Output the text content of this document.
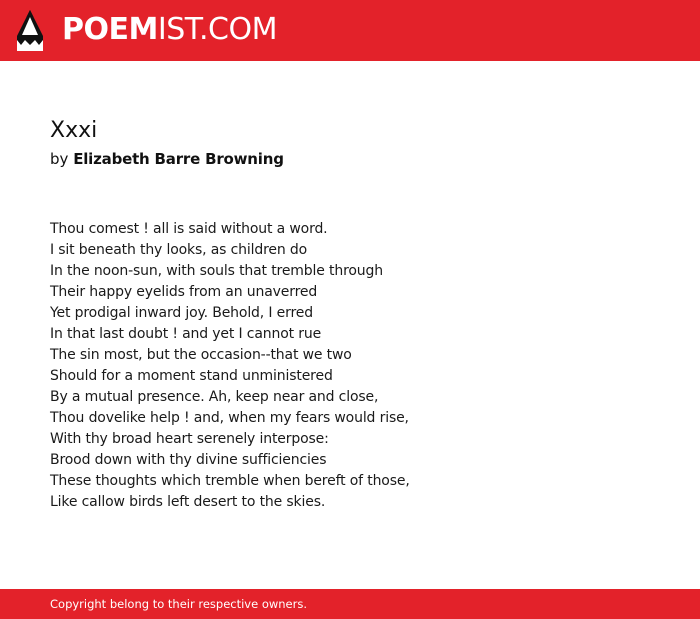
POEMIST.COM
Xxxi
by Elizabeth Barre Browning
Thou comest ! all is said without a word.
I sit beneath thy looks, as children do
In the noon-sun, with souls that tremble through
Their happy eyelids from an unaverred
Yet prodigal inward joy. Behold, I erred
In that last doubt ! and yet I cannot rue
The sin most, but the occasion--that we two
Should for a moment stand unministered
By a mutual presence. Ah, keep near and close,
Thou dovelike help ! and, when my fears would rise,
With thy broad heart serenely interpose:
Brood down with thy divine sufficiencies
These thoughts which tremble when bereft of those,
Like callow birds left desert to the skies.
Copyright belong to their respective owners.
